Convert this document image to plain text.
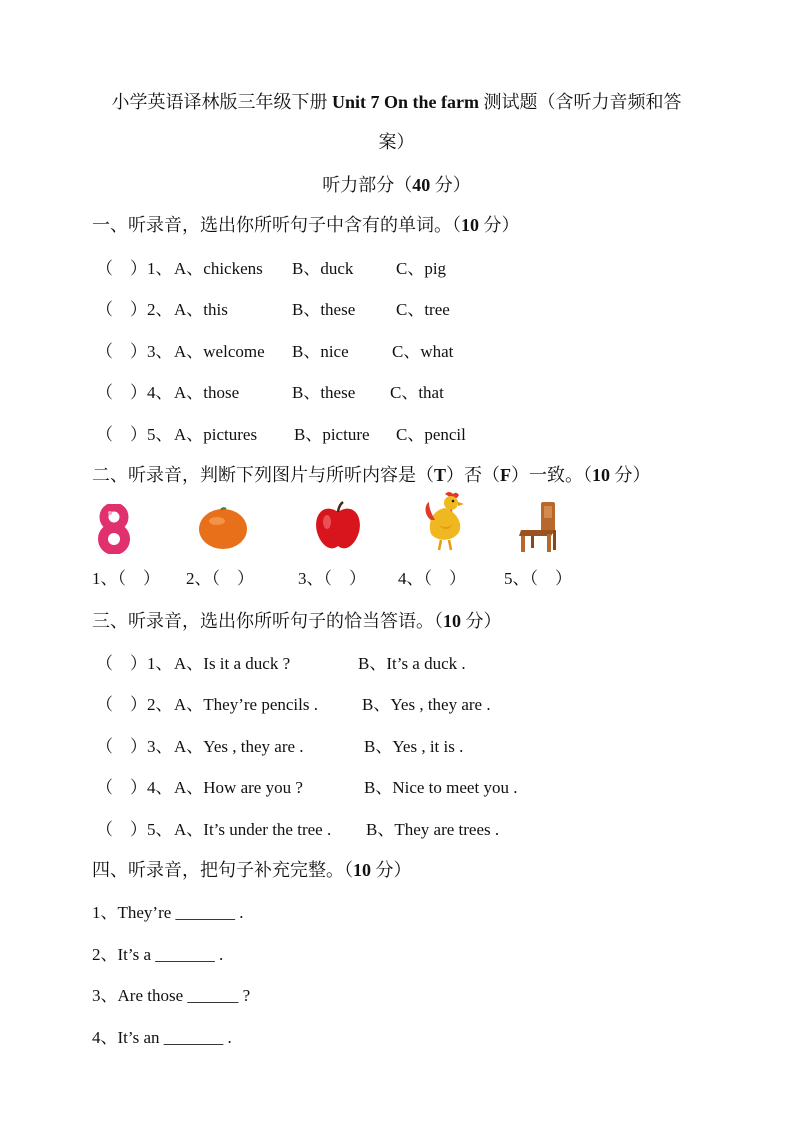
小学英语译林版三年级下册 Unit 7 On the farm 测试题（含听力音频和答
案）
听力部分（40 分）
一、听录音，选出你所听句子中含有的单词。（10 分）
（　）1、 A、chickens B、duck	C、pig
（　）2、 A、this	B、these C、tree
（　）3、 A、welcome B、nice	C、what
（　）4、 A、those	B、these C、that
（　）5、 A、pictures B、picture C、pencil
二、听录音，判断下列图片与所听内容是（T）否（F）一致。（10 分）
1、（　） 2、（　）	3、（　） 4、（　） 5、（　）
三、听录音，选出你所听句子的恰当答语。（10 分）
（　）1、 A、Is it a duck ?	B、It’s a duck .
（　）2、 A、They’re pencils .	B、Yes , they are .
（　）3、 A、Yes , they are .	B、Yes , it is .
（　）4、 A、How are you ?	B、Nice to meet you .
（　）5、 A、It’s under the tree . B、They are trees .
四、听录音，把句子补充完整。（10 分）
1、They’re _______ .
2、It’s a _______ .
3、Are those ______ ?
4、It’s an _______ .
